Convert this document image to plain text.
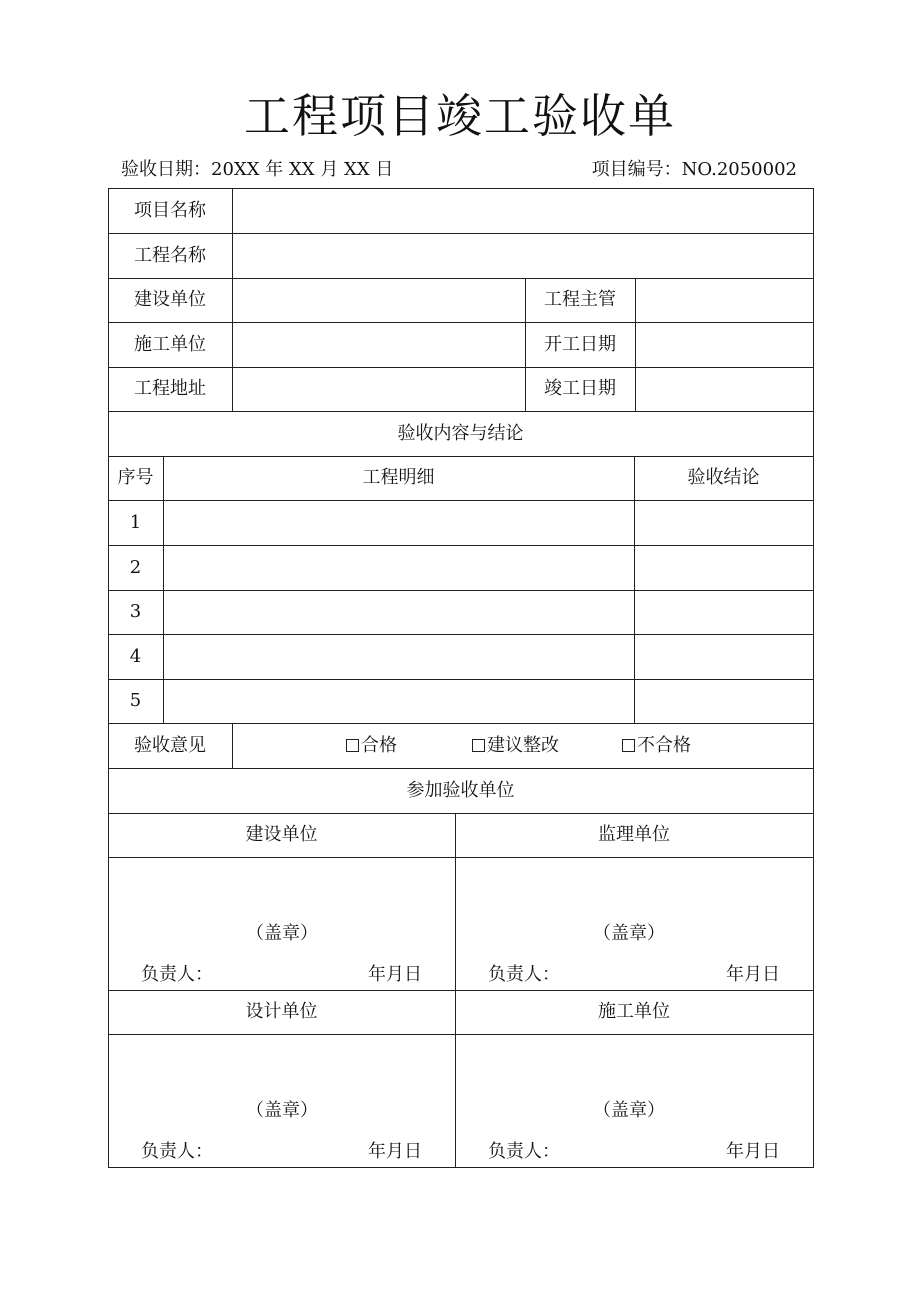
工程项目竣工验收单
验收日期：20XX 年 XX 月 XX 日	项目编号：NO.2050002
项目名称
工程名称
建设单位	工程主管
施工单位	开工日期
工程地址	竣工日期
验收内容与结论
序号	工程明细	验收结论
1
2
3
4
5
验收意见	合格	建议整改	不合格
参加验收单位
建设单位
（盖章）
负责人：	年月日
监理单位
（盖章）
负责人：	年月日
设计单位
（盖章）
负责人：	年月日
施工单位
（盖章）
负责人：	年月日
